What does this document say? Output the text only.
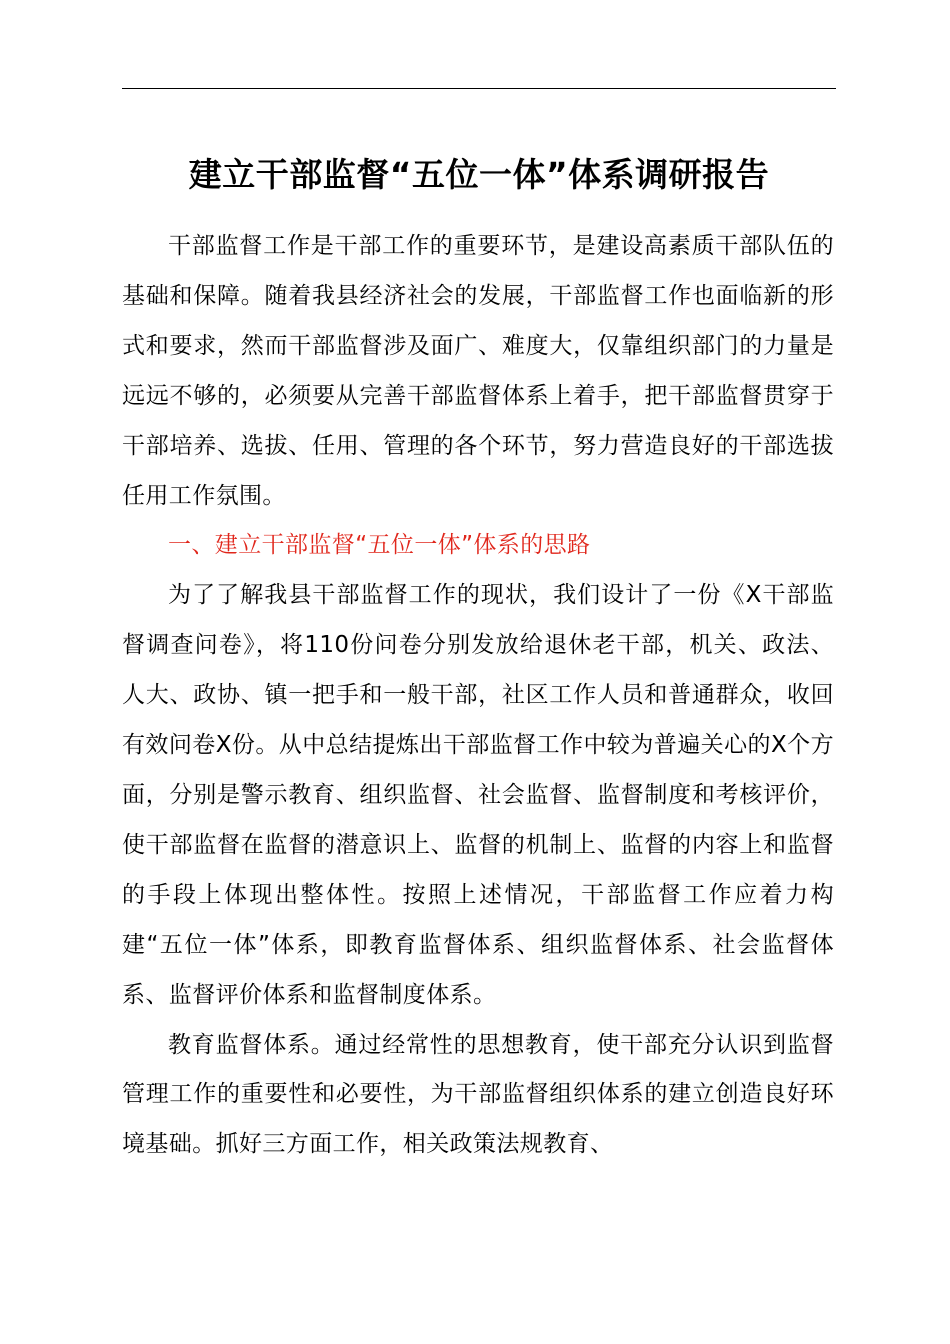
建立干部监督“五位一体”体系调研报告

干部监督工作是干部工作的重要环节，是建设高素质干部队伍的基础和保障。随着我县经济社会的发展，干部监督工作也面临新的形式和要求，然而干部监督涉及面广、难度大，仅靠组织部门的力量是远远不够的，必须要从完善干部监督体系上着手，把干部监督贯穿于干部培养、选拔、任用、管理的各个环节，努力营造良好的干部选拔任用工作氛围。

一、建立干部监督“五位一体”体系的思路

为了了解我县干部监督工作的现状，我们设计了一份《X干部监督调查问卷》，将110份问卷分别发放给退休老干部，机关、政法、人大、政协、镇一把手和一般干部，社区工作人员和普通群众，收回有效问卷X份。从中总结提炼出干部监督工作中较为普遍关心的X个方面，分别是警示教育、组织监督、社会监督、监督制度和考核评价，使干部监督在监督的潜意识上、监督的机制上、监督的内容上和监督的手段上体现出整体性。按照上述情况，干部监督工作应着力构建“五位一体”体系，即教育监督体系、组织监督体系、社会监督体系、监督评价体系和监督制度体系。

教育监督体系。通过经常性的思想教育，使干部充分认识到监督管理工作的重要性和必要性，为干部监督组织体系的建立创造良好环境基础。抓好三方面工作，相关政策法规教育、
